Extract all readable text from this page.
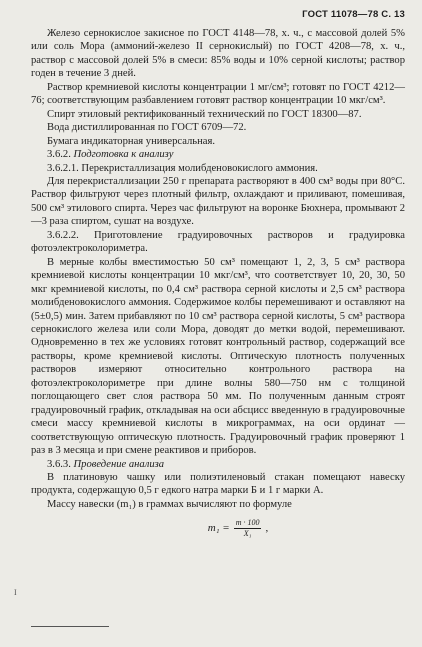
ГОСТ 11078—78 С. 13

Железо сернокислое закисное по ГОСТ 4148—78, х. ч., с массовой долей 5% или соль Мора (аммоний-железо II сернокислый) по ГОСТ 4208—78, х. ч., раствор с массовой долей 5% в смеси: 85% воды и 10% серной кислоты; раствор годен в течение 3 дней.

Раствор кремниевой кислоты концентрации 1 мг/см³; готовят по ГОСТ 4212—76; соответствующим разбавлением готовят раствор концентрации 10 мкг/см³.

Спирт этиловый ректификованный технический по ГОСТ 18300—87.

Вода дистиллированная по ГОСТ 6709—72.

Бумага индикаторная универсальная.

3.6.2. Подготовка к анализу

3.6.2.1. Перекристаллизация молибденовокислого аммония.

Для перекристаллизации 250 г препарата растворяют в 400 см³ воды при 80°С. Раствор фильтруют через плотный фильтр, охлаждают и приливают, помешивая, 500 см³ этилового спирта. Через час фильтруют на воронке Бюхнера, промывают 2—3 раза спиртом, сушат на воздухе.

3.6.2.2. Приготовление градуировочных растворов и градуировка фотоэлектроколориметра.

В мерные колбы вместимостью 50 см³ помещают 1, 2, 3, 5 см³ раствора кремниевой кислоты концентрации 10 мкг/см³, что соответствует 10, 20, 30, 50 мкг кремниевой кислоты, по 0,4 см³ раствора серной кислоты и 2,5 см³ раствора молибденовокислого аммония. Содержимое колбы перемешивают и оставляют на (5±0,5) мин. Затем прибавляют по 10 см³ раствора серной кислоты, 5 см³ раствора сернокислого железа или соли Мора, доводят до метки водой, перемешивают. Одновременно в тех же условиях готовят контрольный раствор, содержащий все растворы, кроме кремниевой кислоты. Оптическую плотность полученных растворов измеряют относительно контрольного раствора на фотоэлектроколориметре при длине волны 580—750 нм с толщиной поглощающего свет слоя раствора 50 мм. По полученным данным строят градуировочный график, откладывая на оси абсцисс введенную в градуировочные смеси массу кремниевой кислоты в микрограммах, на оси ординат — соответствующую оптическую плотность. Градуировочный график проверяют 1 раз в 3 месяца и при смене реактивов и приборов.

3.6.3. Проведение анализа

В платиновую чашку или полиэтиленовый стакан помещают навеску продукта, содержащую 0,5 г едкого натра марки Б и 1 г марки А.

Массу навески (m₁) в граммах вычисляют по формуле

$m_1 = \frac{m \cdot 100}{\text{X₁}}$ ,
I
